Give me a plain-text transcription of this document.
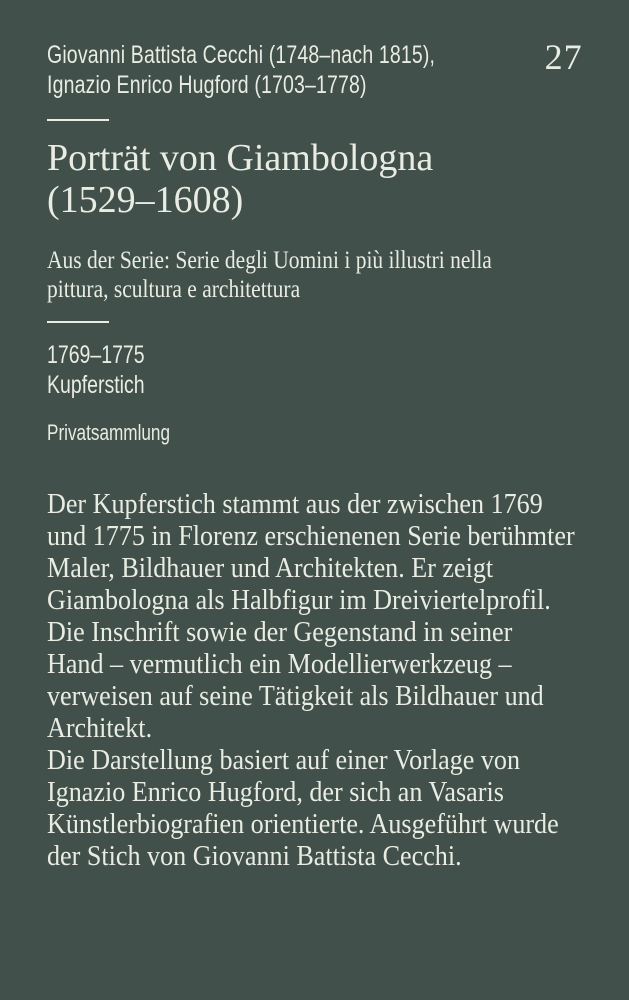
Giovanni Battista Cecchi (1748–nach 1815),
Ignazio Enrico Hugford (1703–1778)
27
Porträt von Giambologna
(1529–1608)
Aus der Serie: Serie degli Uomini i più illustri nella
pittura, scultura e architettura
1769–1775
Kupferstich
Privatsammlung
Der Kupferstich stammt aus der zwischen 1769
und 1775 in Florenz erschienenen Serie berühmter
Maler, Bildhauer und Architekten. Er zeigt
Giambologna als Halbfigur im Dreiviertelprofil.
Die Inschrift sowie der Gegenstand in seiner
Hand – vermutlich ein Modellierwerkzeug –
verweisen auf seine Tätigkeit als Bildhauer und
Architekt.
Die Darstellung basiert auf einer Vorlage von
Ignazio Enrico Hugford, der sich an Vasaris
Künstlerbiografien orientierte. Ausgeführt wurde
der Stich von Giovanni Battista Cecchi.
